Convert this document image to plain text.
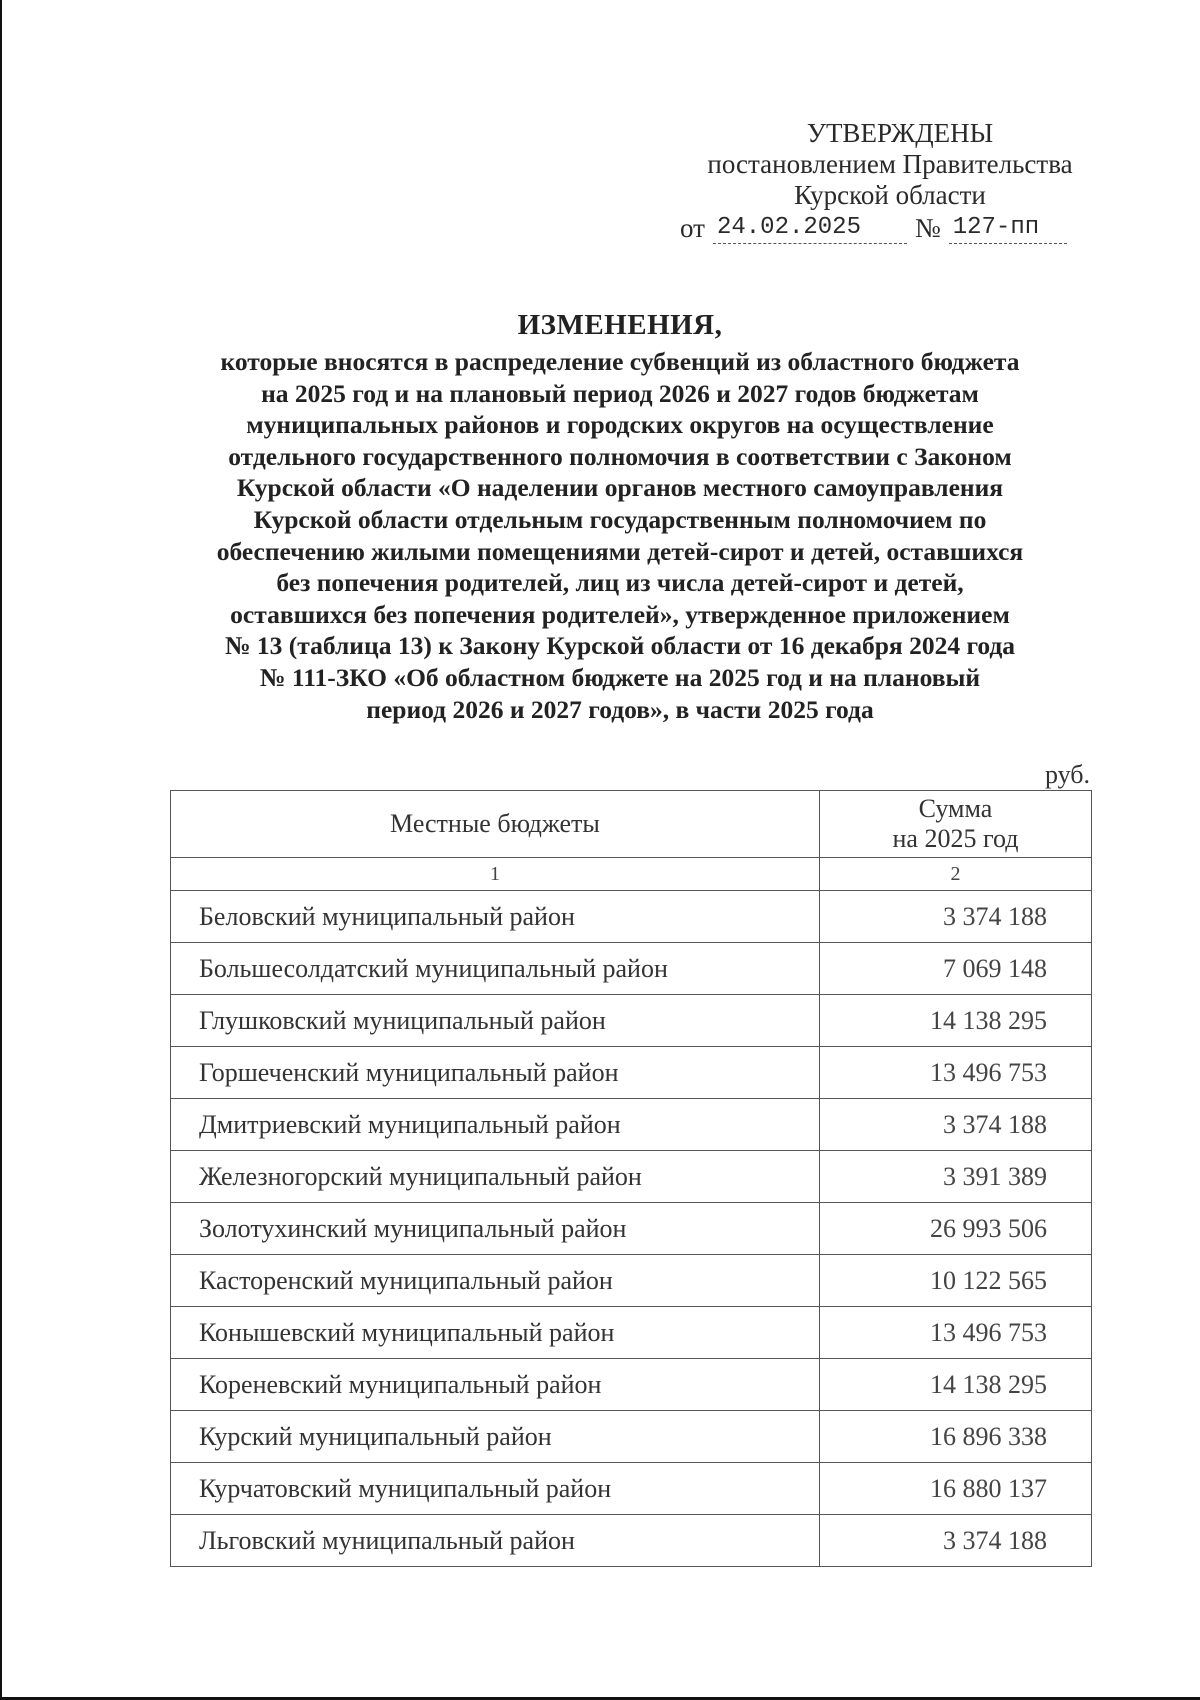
УТВЕРЖДЕНЫ
постановлением Правительства
Курской области
от 24.02.2025	№ 127-пп
ИЗМЕНЕНИЯ,
которые вносятся в распределение субвенций из областного бюджета
на 2025 год и на плановый период 2026 и 2027 годов бюджетам
муниципальных районов и городских округов на осуществление
отдельного государственного полномочия в соответствии с Законом
Курской области «О наделении органов местного самоуправления
Курской области отдельным государственным полномочием по
обеспечению жилыми помещениями детей-сирот и детей, оставшихся
без попечения родителей, лиц из числа детей-сирот и детей,
оставшихся без попечения родителей», утвержденное приложением
№ 13 (таблица 13) к Закону Курской области от 16 декабря 2024 года
№ 111-ЗКО «Об областном бюджете на 2025 год и на плановый
период 2026 и 2027 годов», в части 2025 года
руб.
Местные бюджеты	Сумма
на 2025 год

1	2
Беловский муниципальный район	3 374 188
Большесолдатский муниципальный район	7 069 148
Глушковский муниципальный район	14 138 295
Горшеченский муниципальный район	13 496 753
Дмитриевский муниципальный район	3 374 188
Железногорский муниципальный район	3 391 389
Золотухинский муниципальный район	26 993 506
Касторенский муниципальный район	10 122 565
Конышевский муниципальный район	13 496 753
Кореневский муниципальный район	14 138 295
Курский муниципальный район	16 896 338
Курчатовский муниципальный район	16 880 137
Льговский муниципальный район	3 374 188
